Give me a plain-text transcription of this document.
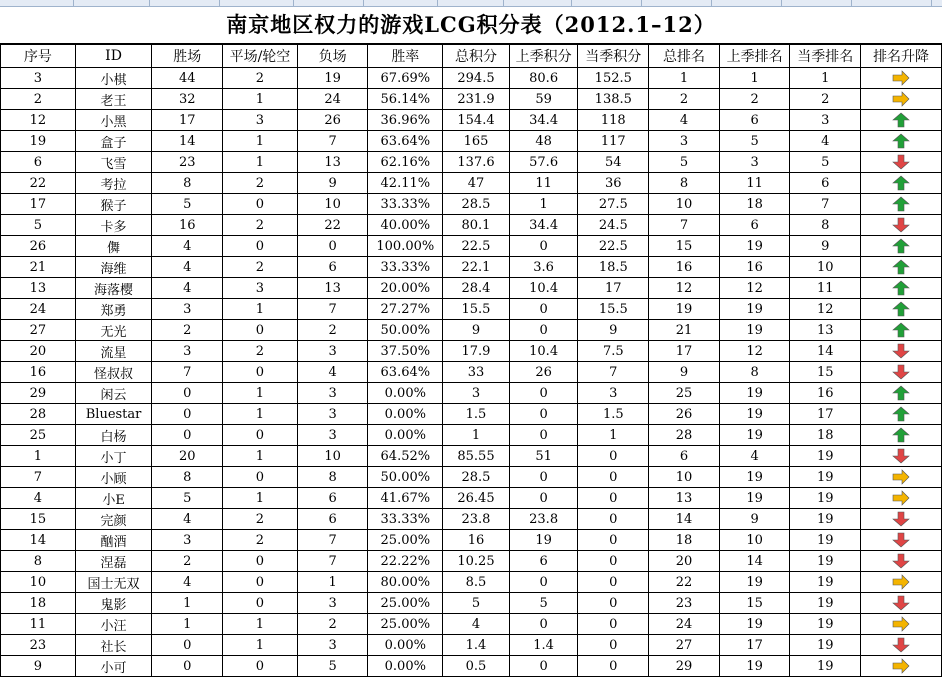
南京地区权力的游戏LCG积分表（2012.1–12）
序号	ID	胜场	平场/轮空	负场	胜率	总积分	上季积分	当季积分	总排名	上季排名	当季排名	排名升降
3	小棋	44	2	19	67.69%	294.5	80.6	152.5	1	1	1	

2	老王	32	1	24	56.14%	231.9	59	138.5	2	2	2	

12	小黑	17	3	26	36.96%	154.4	34.4	118	4	6	3	

19	盒子	14	1	7	63.64%	165	48	117	3	5	4	

6	飞雪	23	1	13	62.16%	137.6	57.6	54	5	3	5	

22	考拉	8	2	9	42.11%	47	11	36	8	11	6	

17	猴子	5	0	10	33.33%	28.5	1	27.5	10	18	7	

5	卡多	16	2	22	40.00%	80.1	34.4	24.5	7	6	8	

26	儛	4	0	0	100.00%	22.5	0	22.5	15	19	9	

21	海维	4	2	6	33.33%	22.1	3.6	18.5	16	16	10	

13	海落樱	4	3	13	20.00%	28.4	10.4	17	12	12	11	

24	郑勇	3	1	7	27.27%	15.5	0	15.5	19	19	12	

27	无光	2	0	2	50.00%	9	0	9	21	19	13	

20	流星	3	2	3	37.50%	17.9	10.4	7.5	17	12	14	

16	怪叔叔	7	0	4	63.64%	33	26	7	9	8	15	

29	闲云	0	1	3	0.00%	3	0	3	25	19	16	

28	Bluestar	0	1	3	0.00%	1.5	0	1.5	26	19	17	

25	白杨	0	0	3	0.00%	1	0	1	28	19	18	

1	小丁	20	1	10	64.52%	85.55	51	0	6	4	19	

7	小顾	8	0	8	50.00%	28.5	0	0	10	19	19	

4	小E	5	1	6	41.67%	26.45	0	0	13	19	19	

15	完颜	4	2	6	33.33%	23.8	23.8	0	14	9	19	

14	酗酒	3	2	7	25.00%	16	19	0	18	10	19	

8	涅磊	2	0	7	22.22%	10.25	6	0	20	14	19	

10	国士无双	4	0	1	80.00%	8.5	0	0	22	19	19	

18	鬼影	1	0	3	25.00%	5	5	0	23	15	19	

11	小汪	1	1	2	25.00%	4	0	0	24	19	19	

23	社长	0	1	3	0.00%	1.4	1.4	0	27	17	19	

9	小可	0	0	5	0.00%	0.5	0	0	29	19	19	
